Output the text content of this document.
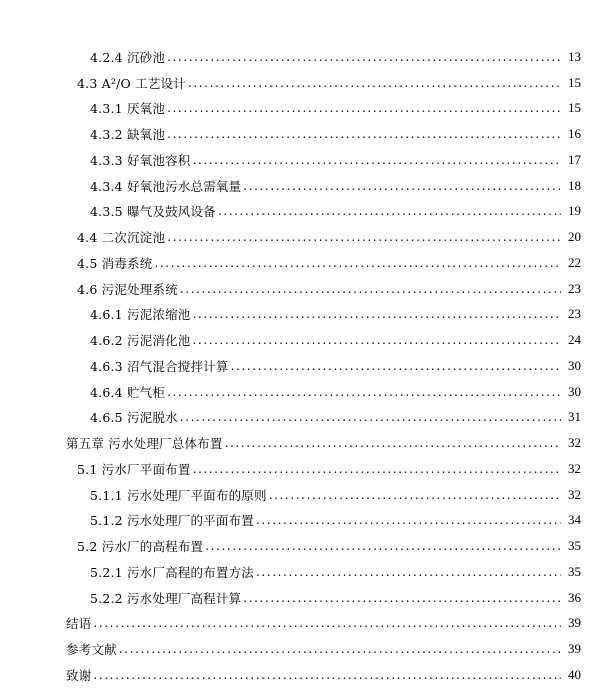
4.2.4 沉砂池 .....	13
4.3 A²/O 工艺设计 .....	15
4.3.1 厌氧池 .....	15
4.3.2 缺氧池 .....	16
4.3.3 好氧池容积 .....	17
4.3.4 好氧池污水总需氧量 .....	18
4.3.5 曝气及鼓风设备 .....	19
4.4 二次沉淀池 .....	20
4.5 消毒系统 .....	22
4.6 污泥处理系统 .....	23
4.6.1 污泥浓缩池 .....	23
4.6.2 污泥消化池 .....	24
4.6.3 沼气混合搅拌计算 .....	30
4.6.4 贮气柜 .....	30
4.6.5 污泥脱水 .....	31
第五章 污水处理厂总体布置 .....	32
5.1 污水厂平面布置 .....	32
5.1.1 污水处理厂平面布的原则 .....	32
5.1.2 污水处理厂的平面布置 .....	34
5.2 污水厂的高程布置 .....	35
5.2.1 污水厂高程的布置方法 .....	35
5.2.2 污水处理厂高程计算 .....	36
结语 .....	39
参考文献 .....	39
致谢 .....	40
